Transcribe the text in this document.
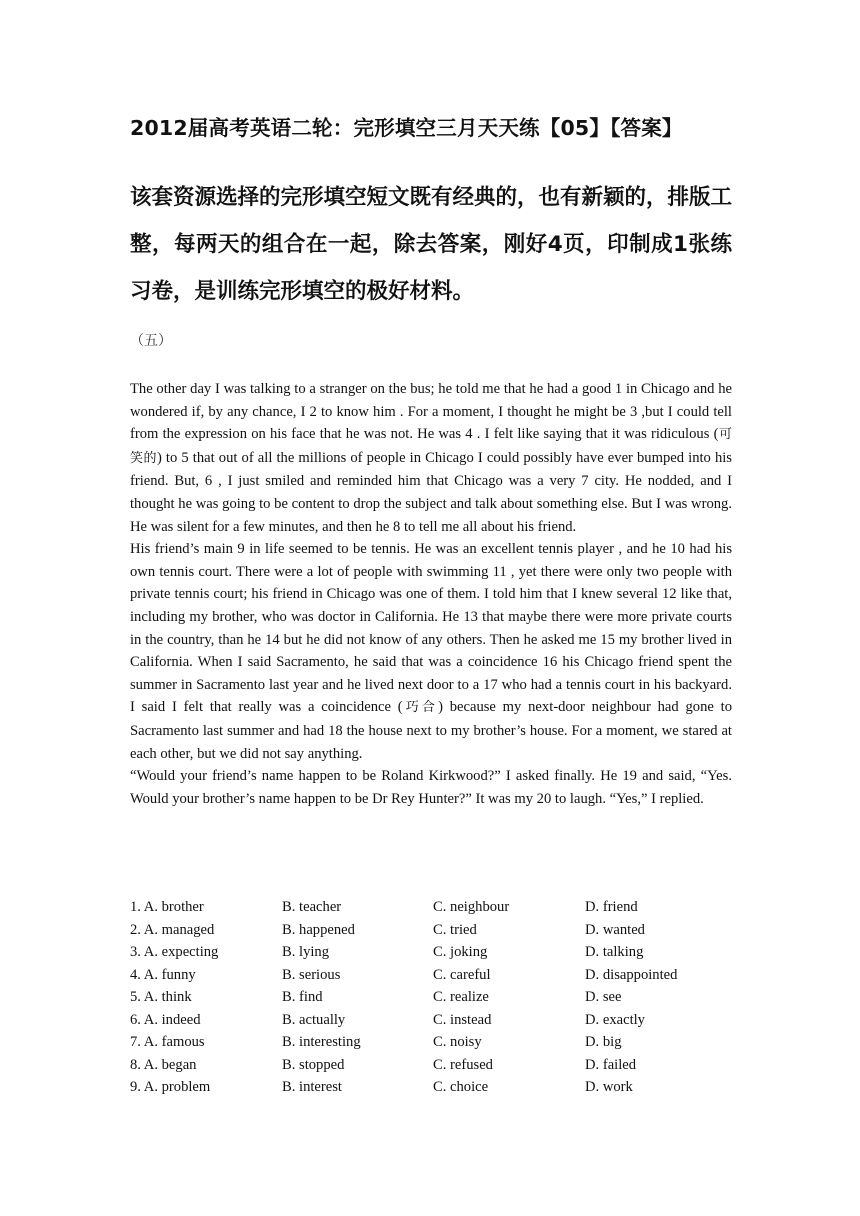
2012届高考英语二轮：完形填空三月天天练【05】【答案】
该套资源选择的完形填空短文既有经典的，也有新颖的，排版工整，每两天的组合在一起，除去答案，刚好4页，印制成1张练习卷，是训练完形填空的极好材料。
（五）

The other day I was talking to a stranger on the bus; he told me that he had a good 1 in Chicago and he wondered if, by any chance, I 2 to know him . For a moment, I thought he might be 3 ,but I could tell from the expression on his face that he was not. He was 4 . I felt like saying that it was ridiculous (可笑的) to 5 that out of all the millions of people in Chicago I could possibly have ever bumped into his friend. But, 6 , I just smiled and reminded him that Chicago was a very 7 city. He nodded, and I thought he was going to be content to drop the subject and talk about something else. But I was wrong. He was silent for a few minutes, and then he 8 to tell me all about his friend.

His friend’s main 9 in life seemed to be tennis. He was an excellent tennis player , and he 10 had his own tennis court. There were a lot of people with swimming 11 , yet there were only two people with private tennis court; his friend in Chicago was one of them. I told him that I knew several 12 like that, including my brother, who was doctor in California. He 13 that maybe there were more private courts in the country, than he 14 but he did not know of any others. Then he asked me 15 my brother lived in California. When I said Sacramento, he said that was a coincidence 16 his Chicago friend spent the summer in Sacramento last year and he lived next door to a 17 who had a tennis court in his backyard. I said I felt that really was a coincidence (巧合) because my next-door neighbour had gone to Sacramento last summer and had 18 the house next to my brother’s house. For a moment, we stared at each other, but we did not say anything.

“Would your friend’s name happen to be Roland Kirkwood?” I asked finally. He 19 and said, “Yes. Would your brother’s name happen to be Dr Rey Hunter?” It was my 20 to laugh. “Yes,” I replied.

1. A. brother	B. teacher	C. neighbour	D. friend
2. A. managed	B. happened	C. tried	D. wanted
3. A. expecting	B. lying	C. joking	D. talking
4. A. funny	B. serious	C. careful	D. disappointed
5. A. think	B. find	C. realize	D. see
6. A. indeed	B. actually	C. instead	D. exactly
7. A. famous	B. interesting	C. noisy	D. big
8. A. began	B. stopped	C. refused	D. failed
9. A. problem	B. interest	C. choice	D. work
